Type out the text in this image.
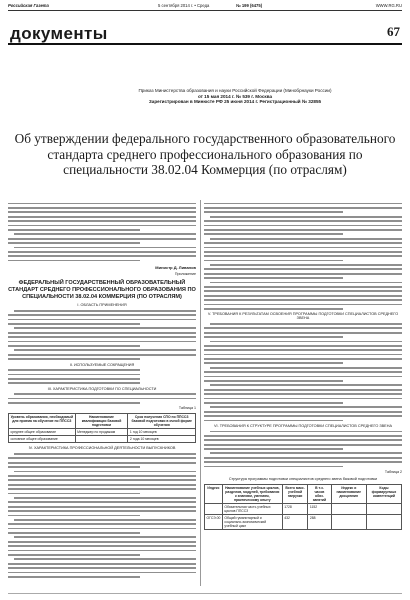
Российская Газета	5 сентября 2014 г. • Среда	№ 199 (6475)	WWW.RG.RU
документы	67
Приказ Министерства образования и науки Российской Федерации (Минобрнауки России)
от 15 мая 2014 г. № 539 г. Москва
Зарегистрирован в Минюсте РФ 25 июня 2014 г. Регистрационный № 32855
Об утверждении федерального государственного образовательного стандарта среднего профессионального образования по специальности 38.02.04 Коммерция (по отраслям)
Министр Д. Ливанов
Приложение
ФЕДЕРАЛЬНЫЙ ГОСУДАРСТВЕННЫЙ ОБРАЗОВАТЕЛЬНЫЙ СТАНДАРТ СРЕДНЕГО ПРОФЕССИОНАЛЬНОГО ОБРАЗОВАНИЯ ПО СПЕЦИАЛЬНОСТИ 38.02.04 КОММЕРЦИЯ (ПО ОТРАСЛЯМ)
I. ОБЛАСТЬ ПРИМЕНЕНИЯ
II. ИСПОЛЬЗУЕМЫЕ СОКРАЩЕНИЯ
III. ХАРАКТЕРИСТИКА ПОДГОТОВКИ ПО СПЕЦИАЛЬНОСТИ
Таблица 1
Уровень образования, необходимый для приема на обучение по ППССЗ	Наименование квалификации базовой подготовки	Срок получения СПО по ППССЗ базовой подготовки в очной форме обучения
среднее общее образование	Менеджер по продажам	1 год 10 месяцев
основное общее образование		2 года 10 месяцев
IV. ХАРАКТЕРИСТИКА ПРОФЕССИОНАЛЬНОЙ ДЕЯТЕЛЬНОСТИ ВЫПУСКНИКОВ
V. ТРЕБОВАНИЯ К РЕЗУЛЬТАТАМ ОСВОЕНИЯ ПРОГРАММЫ ПОДГОТОВКИ СПЕЦИАЛИСТОВ СРЕДНЕГО ЗВЕНА
VI. ТРЕБОВАНИЯ К СТРУКТУРЕ ПРОГРАММЫ ПОДГОТОВКИ СПЕЦИАЛИСТОВ СРЕДНЕГО ЗВЕНА
Таблица 2
Структура программы подготовки специалистов среднего звена базовой подготовки
Индекс	Наименование учебных циклов, разделов, модулей, требования к знаниям, умениям, практическому опыту	Всего макс. учебной нагрузки	В т.ч. часов обяз. занятий	Индекс и наименование дисциплин	Коды формируемых компетенций
	Обязательная часть учебных циклов ППССЗ	1728	1152		
ОГСЭ.00	Общий гуманитарный и социально-экономический учебный цикл	432	288		
